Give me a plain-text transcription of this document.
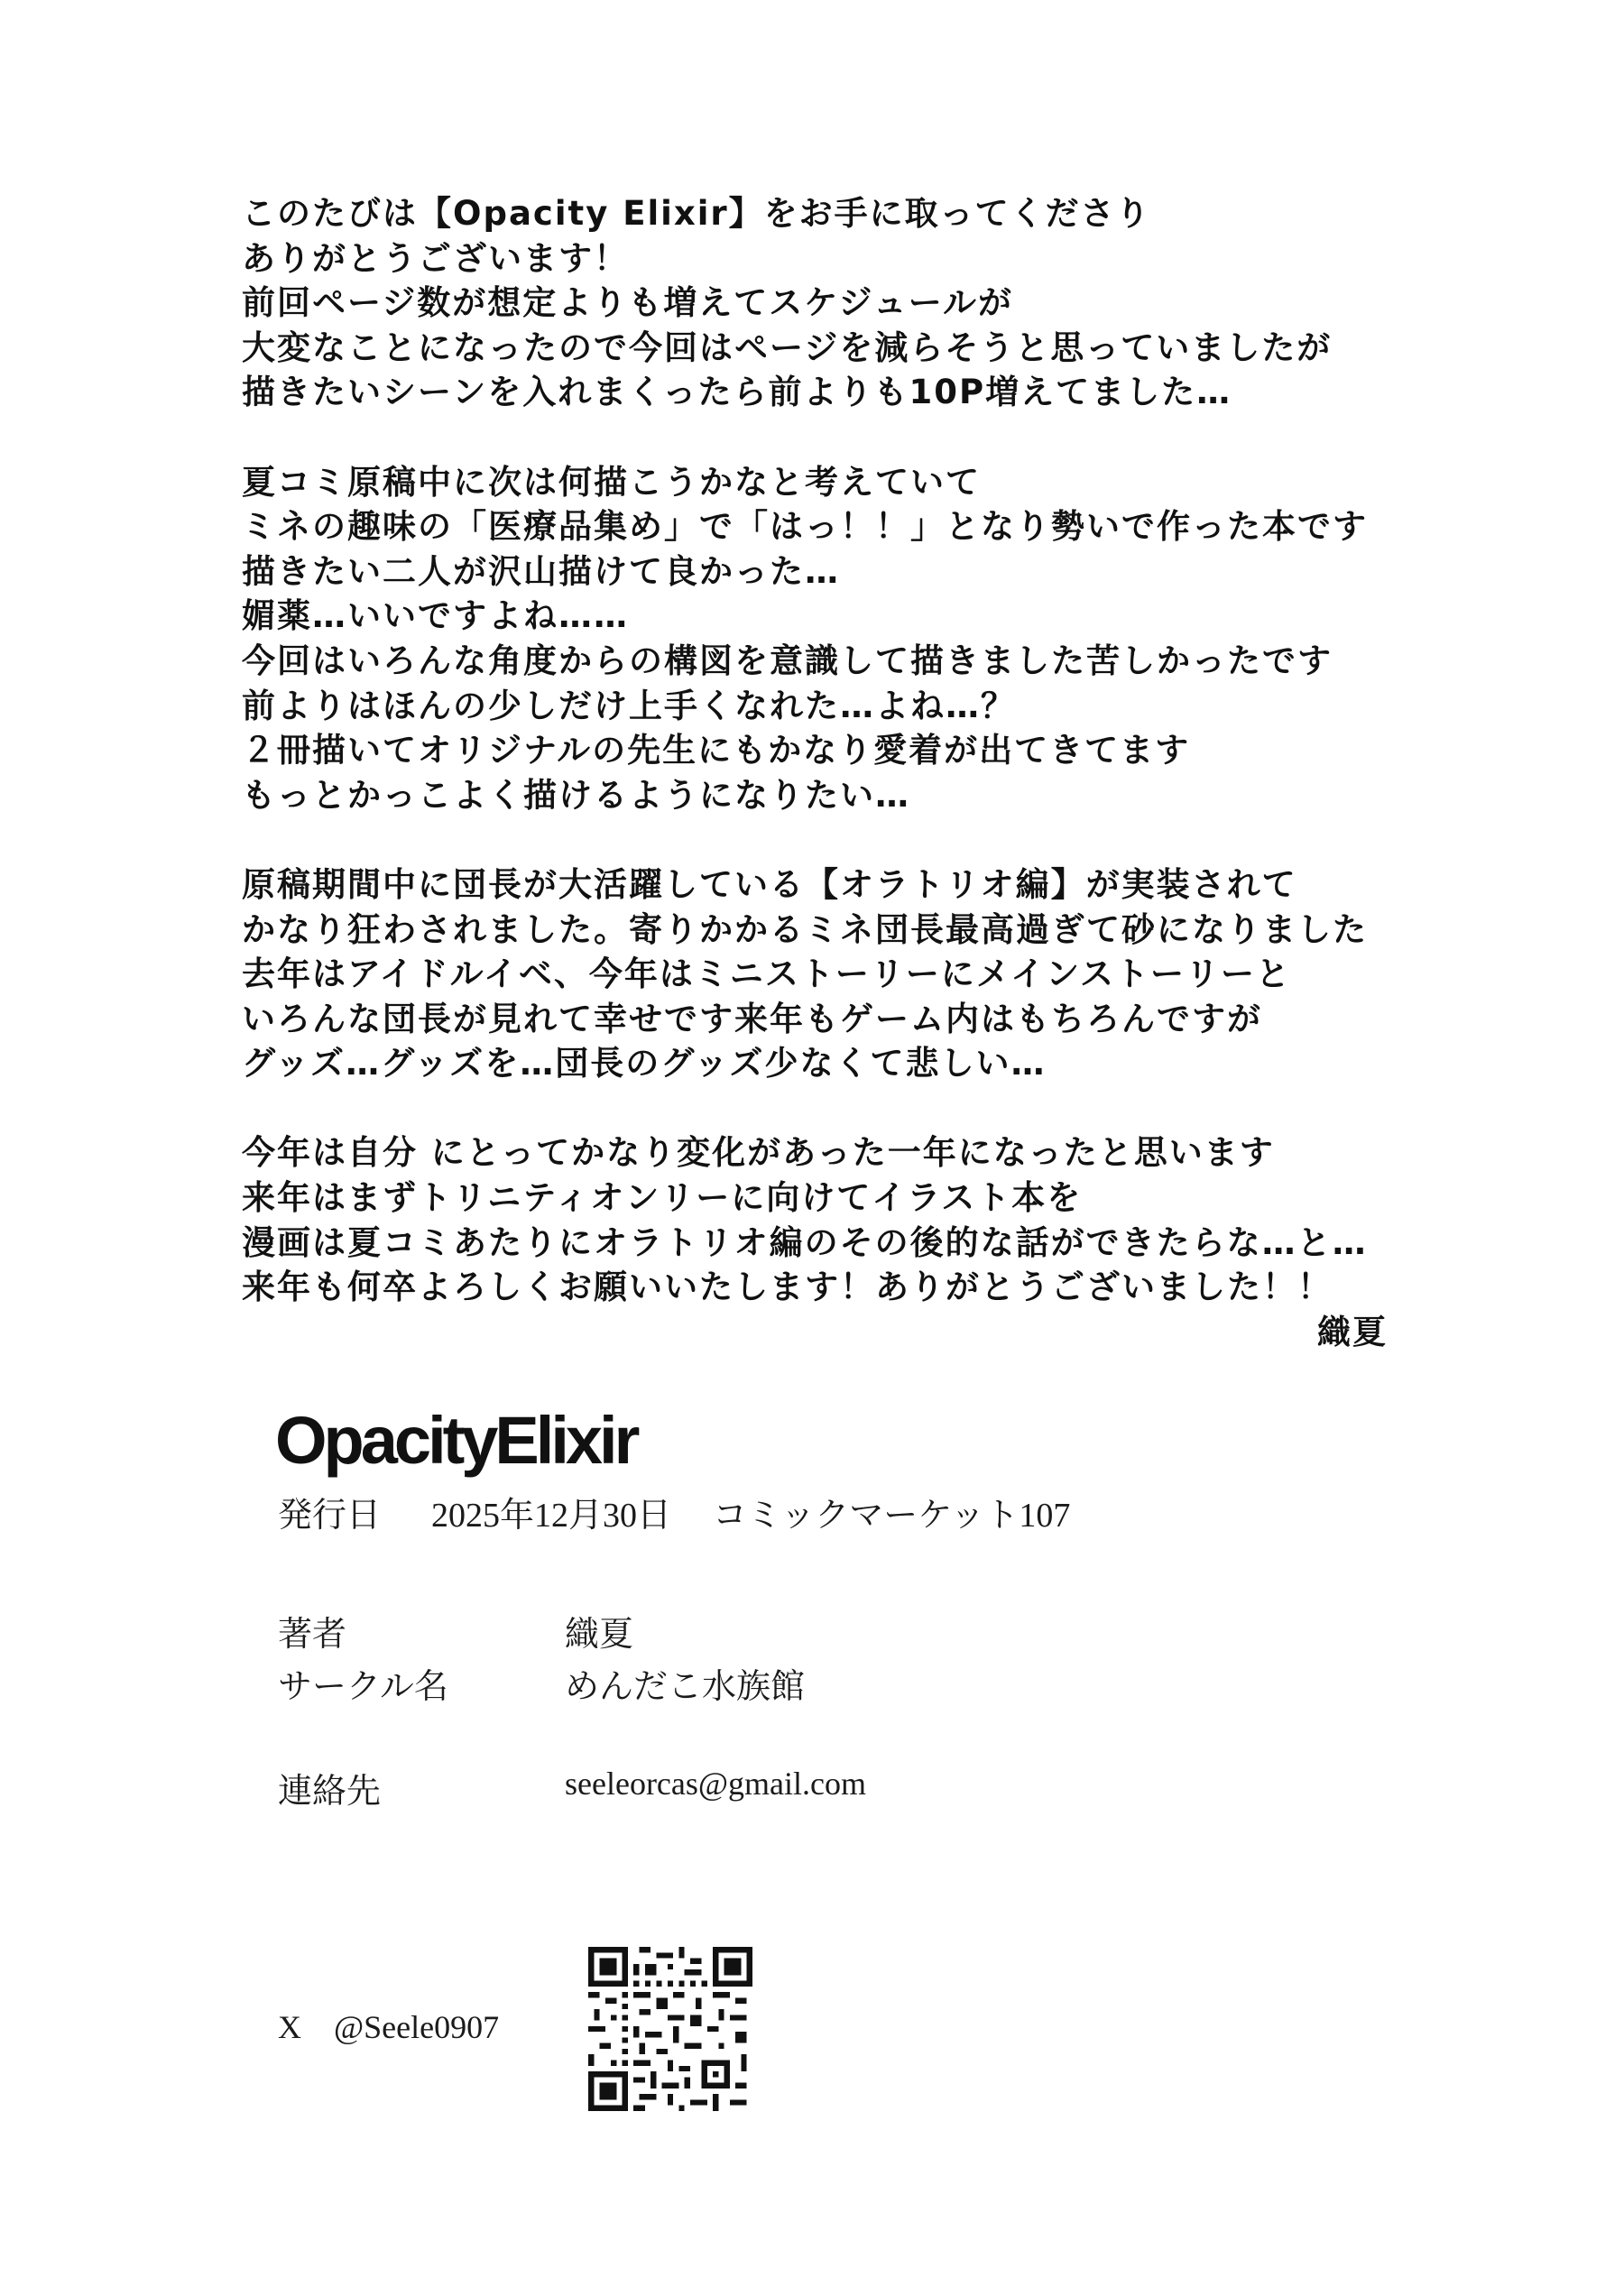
このたびは【Opacity Elixir】をお手に取ってくださり
ありがとうございます！
前回ページ数が想定よりも増えてスケジュールが
大変なことになったので今回はページを減らそうと思っていましたが
描きたいシーンを入れまくったら前よりも10P増えてました…
夏コミ原稿中に次は何描こうかなと考えていて
ミネの趣味の「医療品集め」で「はっ！！」となり勢いで作った本です
描きたい二人が沢山描けて良かった…
媚薬…いいですよね……
今回はいろんな角度からの構図を意識して描きました苦しかったです
前よりはほんの少しだけ上手くなれた…よね…？
２冊描いてオリジナルの先生にもかなり愛着が出てきてます
もっとかっこよく描けるようになりたい…
原稿期間中に団長が大活躍している【オラトリオ編】が実装されて
かなり狂わされました。寄りかかるミネ団長最高過ぎて砂になりました
去年はアイドルイベ、今年はミニストーリーにメインストーリーと
いろんな団長が見れて幸せです来年もゲーム内はもちろんですが
グッズ…グッズを…団長のグッズ少なくて悲しい…
今年は自分 にとってかなり変化があった一年になったと思います
来年はまずトリニティオンリーに向けてイラスト本を
漫画は夏コミあたりにオラトリオ編のその後的な話ができたらな…と…
来年も何卒よろしくお願いいたします！ありがとうございました！！
織夏
OpacityElixir
発行日 2025年12月30日 コミックマーケット107
著者	織夏
サークル名	めんだこ水族館
連絡先	seeleorcas@gmail.com
X @Seele0907
